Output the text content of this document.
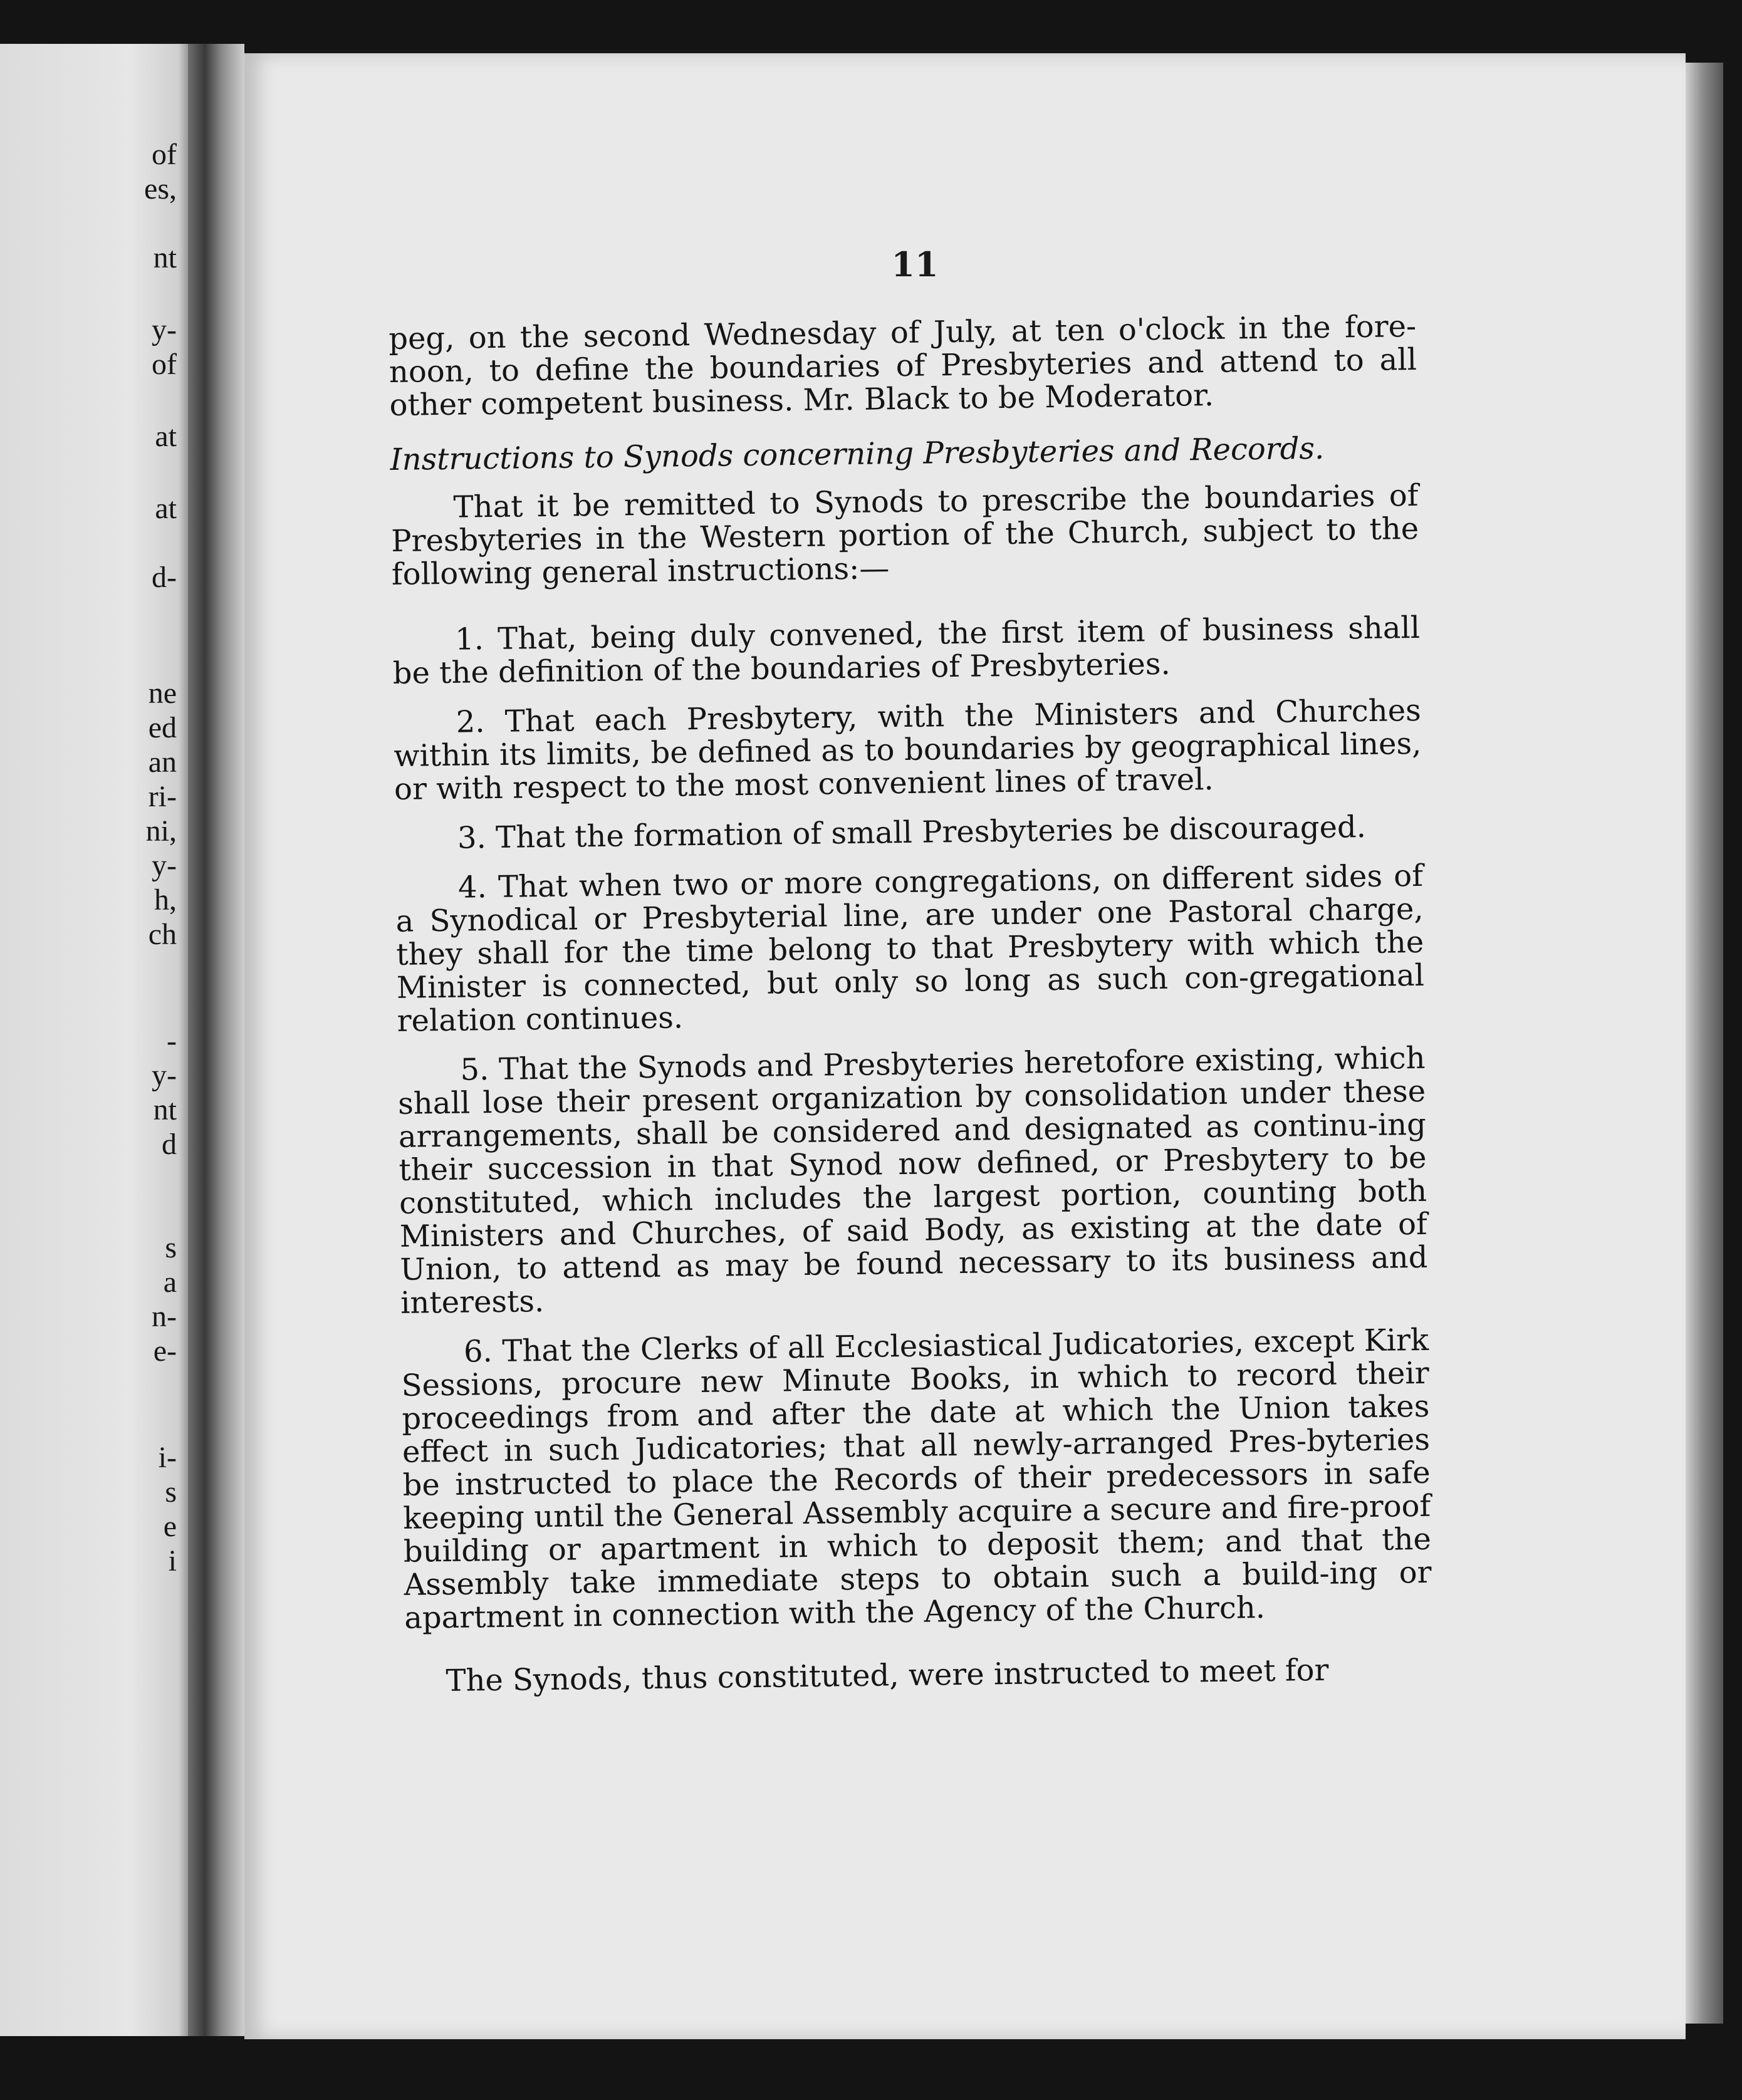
of

es,

nt

y-

of

at

at

d-

ne

ed

an

ri-

ni,

y-

h,

ch

-

y-

nt

d

s

a

n-

e-

i-

s

e

i

11

peg, on the second Wednesday of July, at ten o'clock in the fore-noon, to define the boundaries of Presbyteries and attend to all other competent business. Mr. Black to be Moderator.

Instructions to Synods concerning Presbyteries and Records.

That it be remitted to Synods to prescribe the boundaries of Presbyteries in the Western portion of the Church, subject to the following general instructions:—

1. That, being duly convened, the first item of business shall be the definition of the boundaries of Presbyteries.

2. That each Presbytery, with the Ministers and Churches within its limits, be defined as to boundaries by geographical lines, or with respect to the most convenient lines of travel.

3. That the formation of small Presbyteries be discouraged.

4. That when two or more congregations, on different sides of a Synodical or Presbyterial line, are under one Pastoral charge, they shall for the time belong to that Presbytery with which the Minister is connected, but only so long as such con-gregational relation continues.

5. That the Synods and Presbyteries heretofore existing, which shall lose their present organization by consolidation under these arrangements, shall be considered and designated as continu-ing their succession in that Synod now defined, or Presbytery to be constituted, which includes the largest portion, counting both Ministers and Churches, of said Body, as existing at the date of Union, to attend as may be found necessary to its business and interests.

6. That the Clerks of all Ecclesiastical Judicatories, except Kirk Sessions, procure new Minute Books, in which to record their proceedings from and after the date at which the Union takes effect in such Judicatories; that all newly-arranged Pres-byteries be instructed to place the Records of their predecessors in safe keeping until the General Assembly acquire a secure and fire-proof building or apartment in which to deposit them; and that the Assembly take immediate steps to obtain such a build-ing or apartment in connection with the Agency of the Church.

The Synods, thus constituted, were instructed to meet for
